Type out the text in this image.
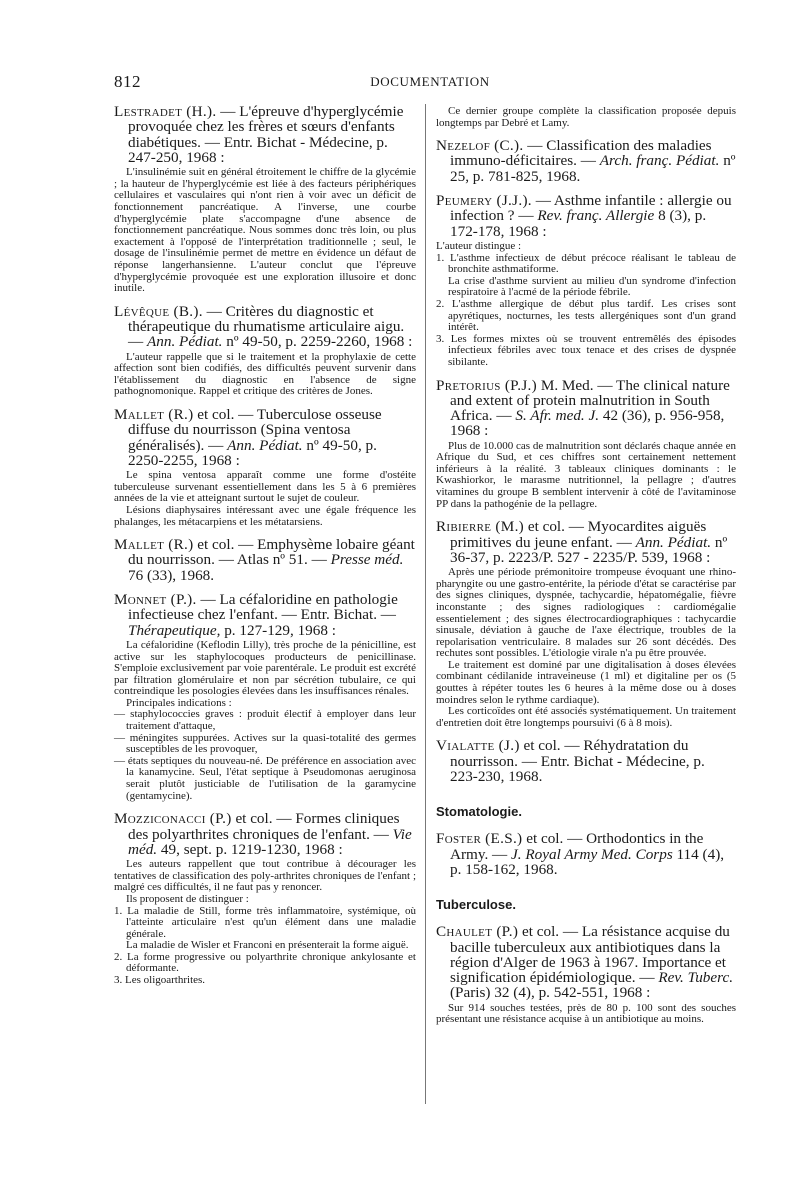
812	DOCUMENTATION
Lestradet (H.). — L'épreuve d'hyperglycémie provoquée chez les frères et sœurs d'enfants diabétiques. — Entr. Bichat - Médecine, p. 247-250, 1968 :

L'insulinémie suit en général étroitement le chiffre de la glycémie ; la hauteur de l'hyperglycémie est liée à des facteurs périphériques cellulaires et vasculaires qui n'ont rien à voir avec un déficit de fonctionnement pancréatique. A l'inverse, une courbe d'hyperglycémie plate s'accompagne d'une absence de fonctionnement pancréatique. Nous sommes donc très loin, ou plus exactement à l'opposé de l'interprétation traditionnelle ; seul, le dosage de l'insulinémie permet de mettre en évidence un défaut de réponse langerhansienne. L'auteur conclut que l'épreuve d'hyperglycémie provoquée est une exploration illusoire et donc inutile.

Lévêque (B.). — Critères du diagnostic et thérapeutique du rhumatisme articulaire aigu. — Ann. Pédiat. nº 49-50, p. 2259-2260, 1968 :

L'auteur rappelle que si le traitement et la prophylaxie de cette affection sont bien codifiés, des difficultés peuvent survenir dans l'établissement du diagnostic en l'absence de signe pathognomonique. Rappel et critique des critères de Jones.

Mallet (R.) et col. — Tuberculose osseuse diffuse du nourrisson (Spina ventosa généralisés). — Ann. Pédiat. nº 49-50, p. 2250-2255, 1968 :

Le spina ventosa apparaît comme une forme d'ostéite tuberculeuse survenant essentiellement dans les 5 à 6 premières années de la vie et atteignant surtout le sujet de couleur.

Lésions diaphysaires intéressant avec une égale fréquence les phalanges, les métacarpiens et les métatarsiens.

Mallet (R.) et col. — Emphysème lobaire géant du nourrisson. — Atlas nº 51. — Presse méd. 76 (33), 1968.
Monnet (P.). — La céfaloridine en pathologie infectieuse chez l'enfant. — Entr. Bichat. — Thérapeutique, p. 127-129, 1968 :

La céfaloridine (Keflodin Lilly), très proche de la pénicilline, est active sur les staphylocoques producteurs de penicillinase. S'emploie exclusivement par voie parentérale. Le produit est excrété par filtration glomérulaire et non par sécrétion tubulaire, ce qui contreindique les posologies élevées dans les insuffisances rénales.

Principales indications :

— staphylococcies graves : produit électif à employer dans leur traitement d'attaque,

— méningites suppurées. Actives sur la quasi-totalité des germes susceptibles de les provoquer,

— états septiques du nouveau-né. De préférence en association avec la kanamycine. Seul, l'état septique à Pseudomonas aeruginosa serait plutôt justiciable de l'utilisation de la garamycine (gentamycine).

Mozziconacci (P.) et col. — Formes cliniques des polyarthrites chroniques de l'enfant. — Vie méd. 49, sept. p. 1219-1230, 1968 :

Les auteurs rappellent que tout contribue à décourager les tentatives de classification des poly-arthrites chroniques de l'enfant ; malgré ces difficultés, il ne faut pas y renoncer.

Ils proposent de distinguer :

1. La maladie de Still, forme très inflammatoire, systémique, où l'atteinte articulaire n'est qu'un élément dans une maladie générale.

La maladie de Wisler et Franconi en présenterait la forme aiguë.

2. La forme progressive ou polyarthrite chronique ankylosante et déformante.

3. Les oligoarthrites.

Ce dernier groupe complète la classification proposée depuis longtemps par Debré et Lamy.

Nezelof (C.). — Classification des maladies immuno-déficitaires. — Arch. franç. Pédiat. nº 25, p. 781-825, 1968.
Peumery (J.J.). — Asthme infantile : allergie ou infection ? — Rev. franç. Allergie 8 (3), p. 172-178, 1968 :

L'auteur distingue :

1. L'asthme infectieux de début précoce réalisant le tableau de bronchite asthmatiforme.

La crise d'asthme survient au milieu d'un syndrome d'infection respiratoire à l'acmé de la période fébrile.

2. L'asthme allergique de début plus tardif. Les crises sont apyrétiques, nocturnes, les tests allergéniques sont d'un grand intérêt.

3. Les formes mixtes où se trouvent entremêlés des épisodes infectieux fébriles avec toux tenace et des crises de dyspnée sibilante.

Pretorius (P.J.) M. Med. — The clinical nature and extent of protein malnutrition in South Africa. — S. Afr. med. J. 42 (36), p. 956-958, 1968 :

Plus de 10.000 cas de malnutrition sont déclarés chaque année en Afrique du Sud, et ces chiffres sont certainement nettement inférieurs à la réalité. 3 tableaux cliniques dominants : le Kwashiorkor, le marasme nutritionnel, la pellagre ; d'autres vitamines du groupe B semblent intervenir à côté de l'avitaminose PP dans la pathogénie de la pellagre.

Ribierre (M.) et col. — Myocardites aiguës primitives du jeune enfant. — Ann. Pédiat. nº 36-37, p. 2223/P. 527 - 2235/P. 539, 1968 :

Après une période prémonitoire trompeuse évoquant une rhino-pharyngite ou une gastro-entérite, la période d'état se caractérise par des signes cliniques, dyspnée, tachycardie, hépatomégalie, fièvre inconstante ; des signes radiologiques : cardiomégalie essentielement ; des signes électrocardiographiques : tachycardie sinusale, déviation à gauche de l'axe électrique, troubles de la repolarisation ventriculaire. 8 malades sur 26 sont décédés. Des rechutes sont possibles. L'étiologie virale n'a pu être prouvée.

Le traitement est dominé par une digitalisation à doses élevées combinant cédilanide intraveineuse (1 ml) et digitaline per os (5 gouttes à répéter toutes les 6 heures à la même dose ou à doses moindres selon le rythme cardiaque).

Les corticoïdes ont été associés systématiquement. Un traitement d'entretien doit être longtemps poursuivi (6 à 8 mois).

Vialatte (J.) et col. — Réhydratation du nourrisson. — Entr. Bichat - Médecine, p. 223-230, 1968.
Stomatologie.
Foster (E.S.) et col. — Orthodontics in the Army. — J. Royal Army Med. Corps 114 (4), p. 158-162, 1968.
Tuberculose.
Chaulet (P.) et col. — La résistance acquise du bacille tuberculeux aux antibiotiques dans la région d'Alger de 1963 à 1967. Importance et signification épidémiologique. — Rev. Tuberc. (Paris) 32 (4), p. 542-551, 1968 :

Sur 914 souches testées, près de 80 p. 100 sont des souches présentant une résistance acquise à un antibiotique au moins.
